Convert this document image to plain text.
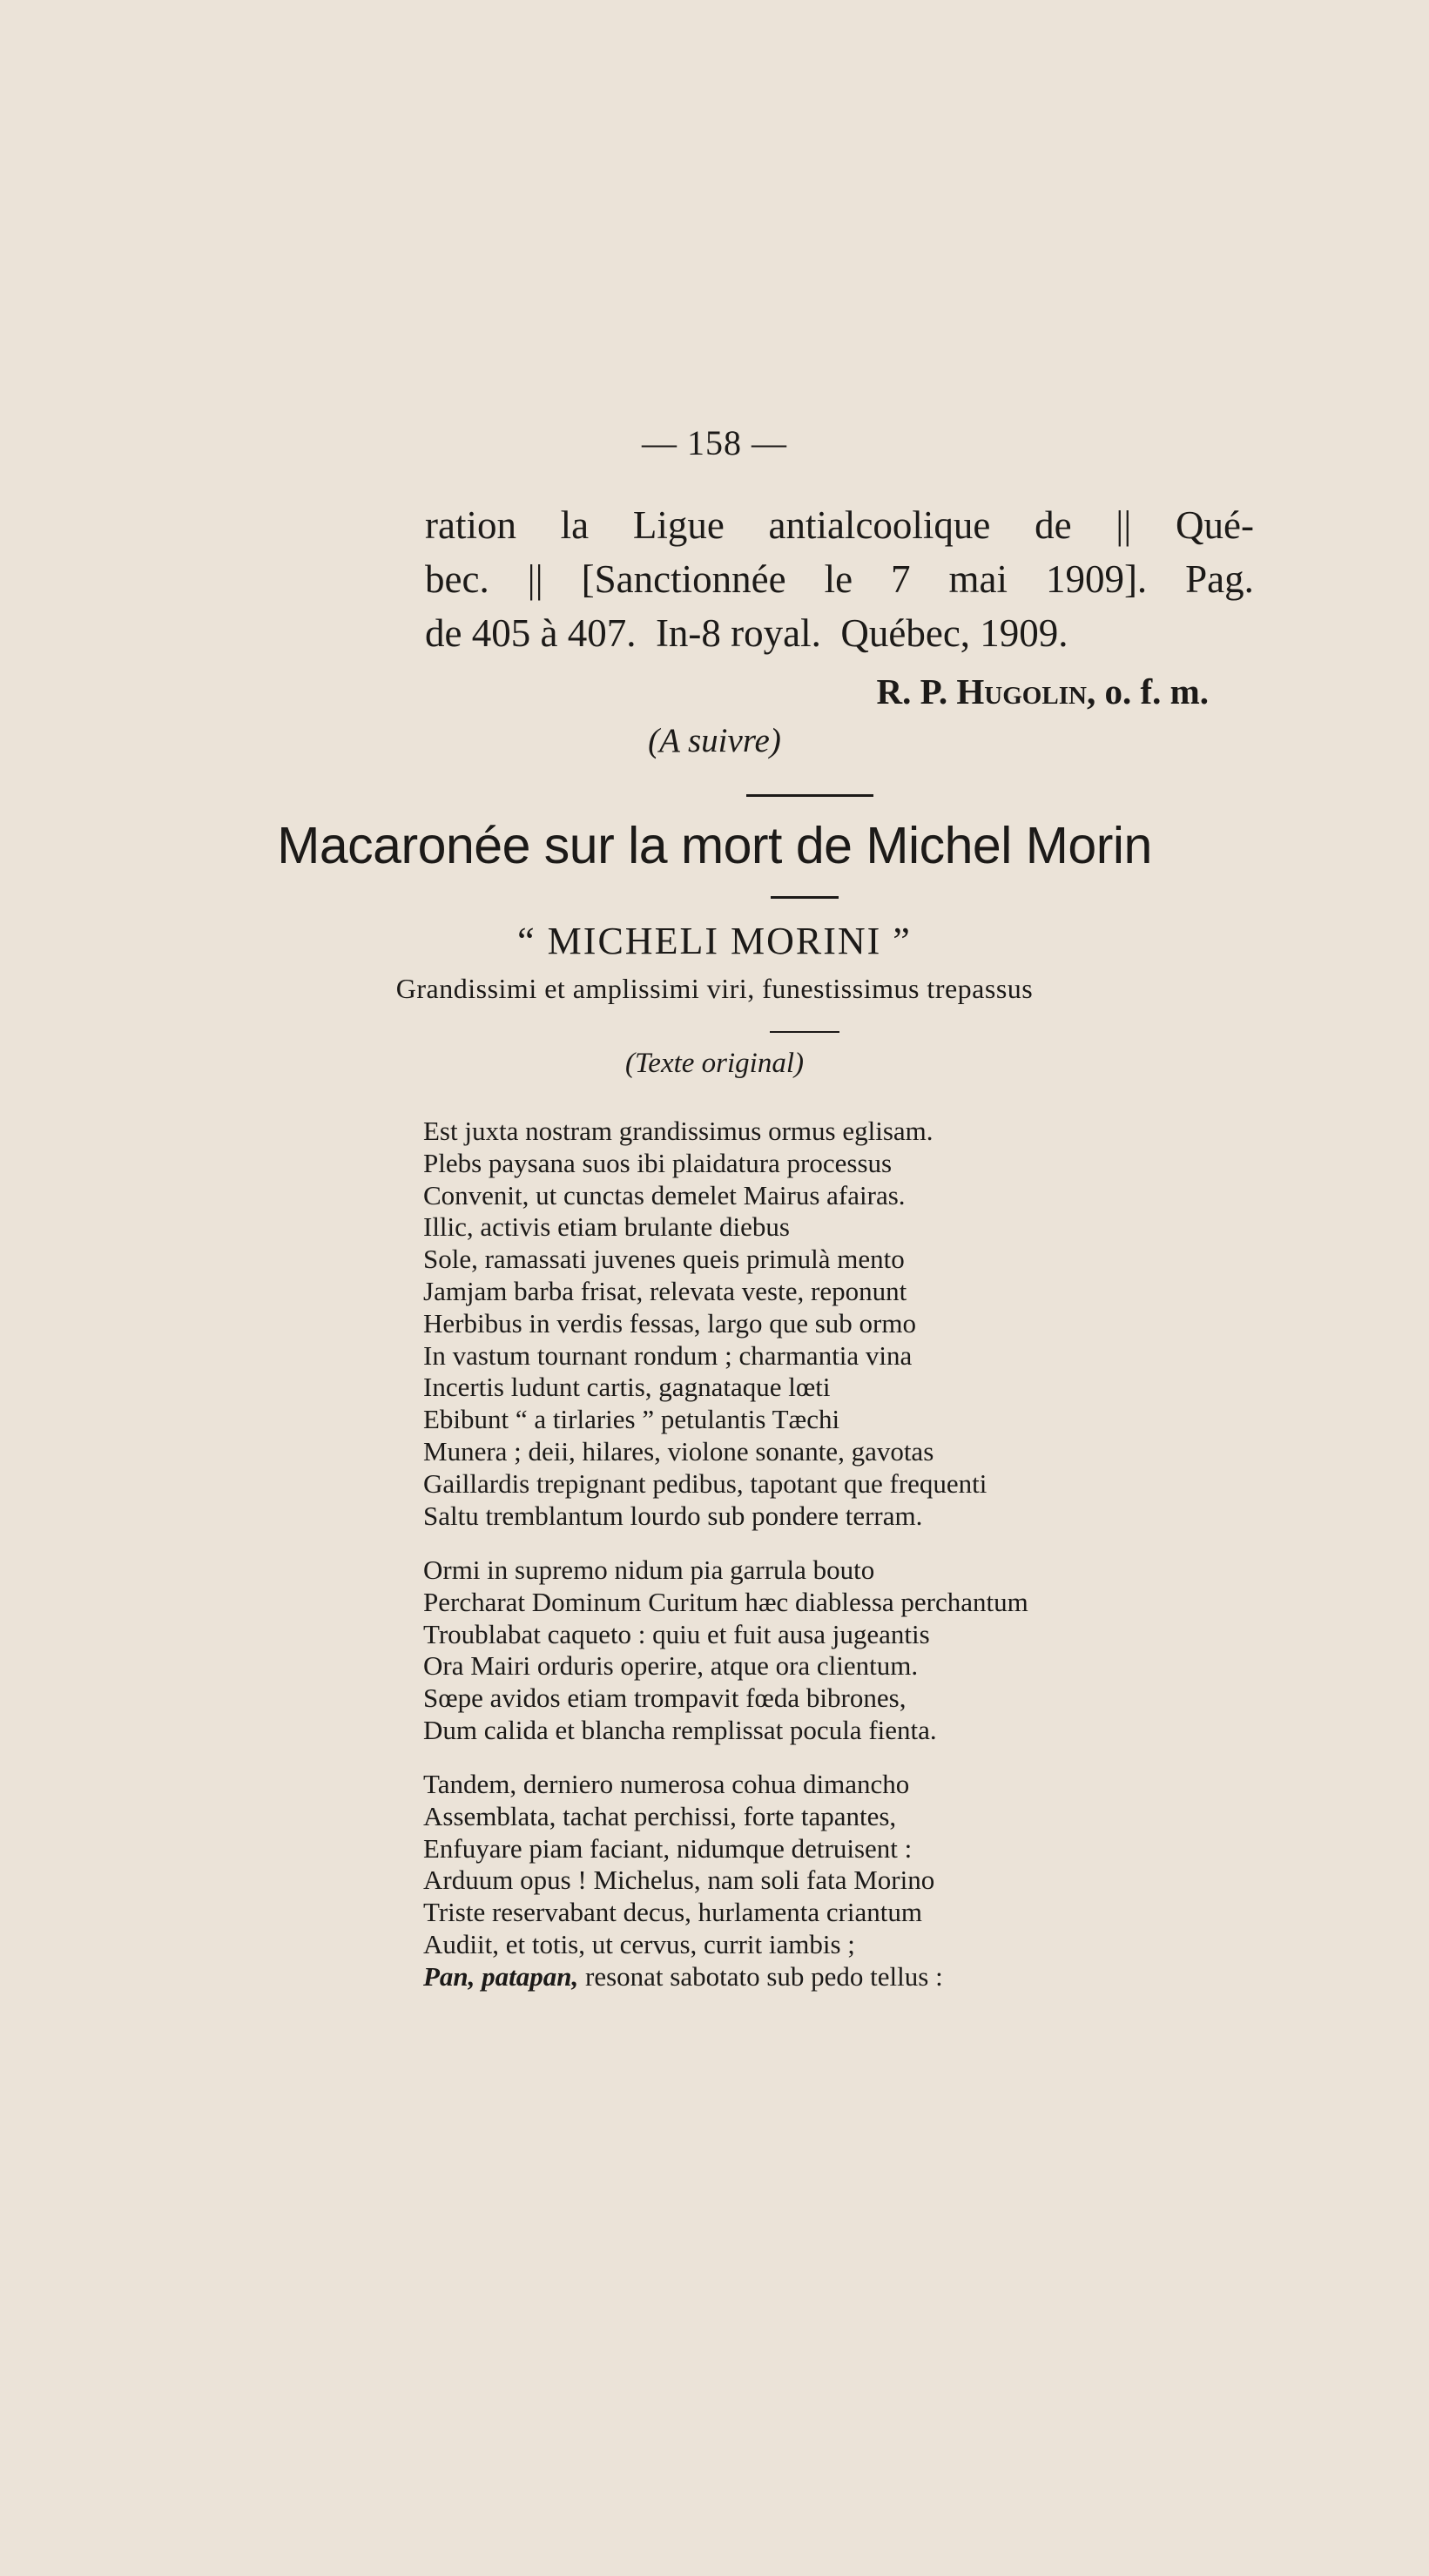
— 158 —
ration la Ligue antialcoolique de || Qué-
bec. || [Sanctionnée le 7 mai 1909]. Pag.
de 405 à 407.  In-8 royal.  Québec, 1909.
R. P. Hugolin, o. f. m.
(A suivre)
Macaronée sur la mort de Michel Morin
“ MICHELI MORINI ”
Grandissimi et amplissimi viri, funestissimus trepassus
(Texte original)
Est juxta nostram grandissimus ormus eglisam.
Plebs paysana suos ibi plaidatura processus
Convenit, ut cunctas demelet Mairus afairas.
Illic, activis etiam brulante diebus
Sole, ramassati juvenes queis primulà mento
Jamjam barba frisat, relevata veste, reponunt
Herbibus in verdis fessas, largo que sub ormo
In vastum tournant rondum ; charmantia vina
Incertis ludunt cartis, gagnataque lœti
Ebibunt “ a tirlaries ” petulantis Tæchi
Munera ; deii, hilares, violone sonante, gavotas
Gaillardis trepignant pedibus, tapotant que frequenti
Saltu tremblantum lourdo sub pondere terram.
Ormi in supremo nidum pia garrula bouto
Percharat Dominum Curitum hæc diablessa perchantum
Troublabat caqueto : quiu et fuit ausa jugeantis
Ora Mairi orduris operire, atque ora clientum.
Sœpe avidos etiam trompavit fœda bibrones,
Dum calida et blancha remplissat pocula fienta.
Tandem, derniero numerosa cohua dimancho
Assemblata, tachat perchissi, forte tapantes,
Enfuyare piam faciant, nidumque detruisent :
Arduum opus ! Michelus, nam soli fata Morino
Triste reservabant decus, hurlamenta criantum
Audiit, et totis, ut cervus, currit iambis ;
Pan, patapan, resonat sabotato sub pedo tellus :
